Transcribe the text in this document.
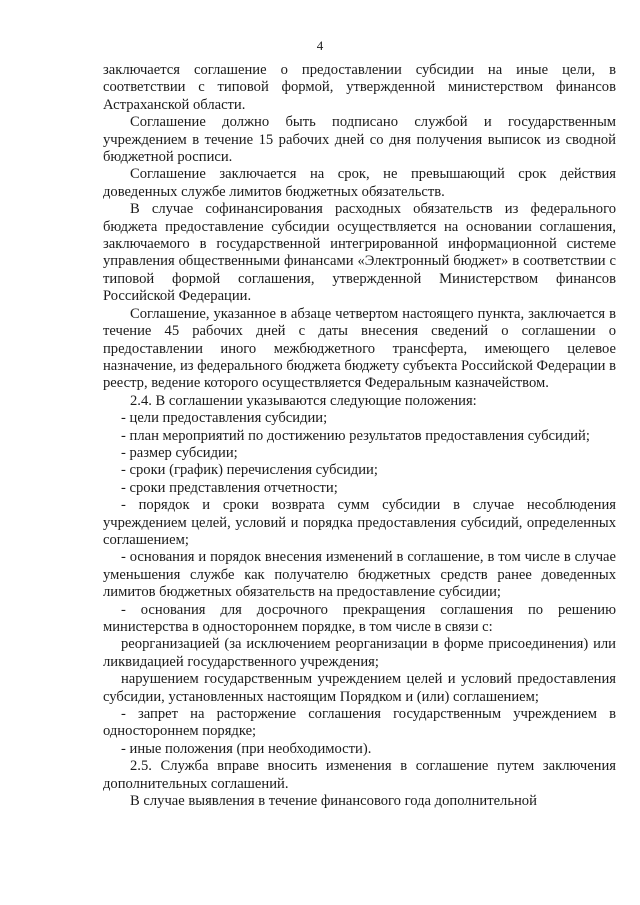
4

заключается соглашение о предоставлении субсидии на иные цели, в соответствии с типовой формой, утвержденной министерством финансов Астраханской области.

Соглашение должно быть подписано службой и государственным учреждением в течение 15 рабочих дней со дня получения выписок из сводной бюджетной росписи.

Соглашение заключается на срок, не превышающий срок действия доведенных службе лимитов бюджетных обязательств.

В случае софинансирования расходных обязательств из федерального бюджета предоставление субсидии осуществляется на основании соглашения, заключаемого в государственной интегрированной информационной системе управления общественными финансами «Электронный бюджет» в соответствии с типовой формой соглашения, утвержденной Министерством финансов Российской Федерации.

Соглашение, указанное в абзаце четвертом настоящего пункта, заключается в течение 45 рабочих дней с даты внесения сведений о соглашении о предоставлении иного межбюджетного трансферта, имеющего целевое назначение, из федерального бюджета бюджету субъекта Российской Федерации в реестр, ведение которого осуществляется Федеральным казначейством.

2.4. В соглашении указываются следующие положения:

- цели предоставления субсидии;

- план мероприятий по достижению результатов предоставления субсидий;

- размер субсидии;

- сроки (график) перечисления субсидии;

- сроки представления отчетности;

- порядок и сроки возврата сумм субсидии в случае несоблюдения учреждением целей, условий и порядка предоставления субсидий, определенных соглашением;

- основания и порядок внесения изменений в соглашение, в том числе в случае уменьшения службе как получателю бюджетных средств ранее доведенных лимитов бюджетных обязательств на предоставление субсидии;

- основания для досрочного прекращения соглашения по решению министерства в одностороннем порядке, в том числе в связи с:

реорганизацией (за исключением реорганизации в форме присоединения) или ликвидацией государственного учреждения;

нарушением государственным учреждением целей и условий предоставления субсидии, установленных настоящим Порядком и (или) соглашением;

- запрет на расторжение соглашения государственным учреждением в одностороннем порядке;

- иные положения (при необходимости).

2.5. Служба вправе вносить изменения в соглашение путем заключения дополнительных соглашений.

В случае выявления в течение финансового года дополнительной
